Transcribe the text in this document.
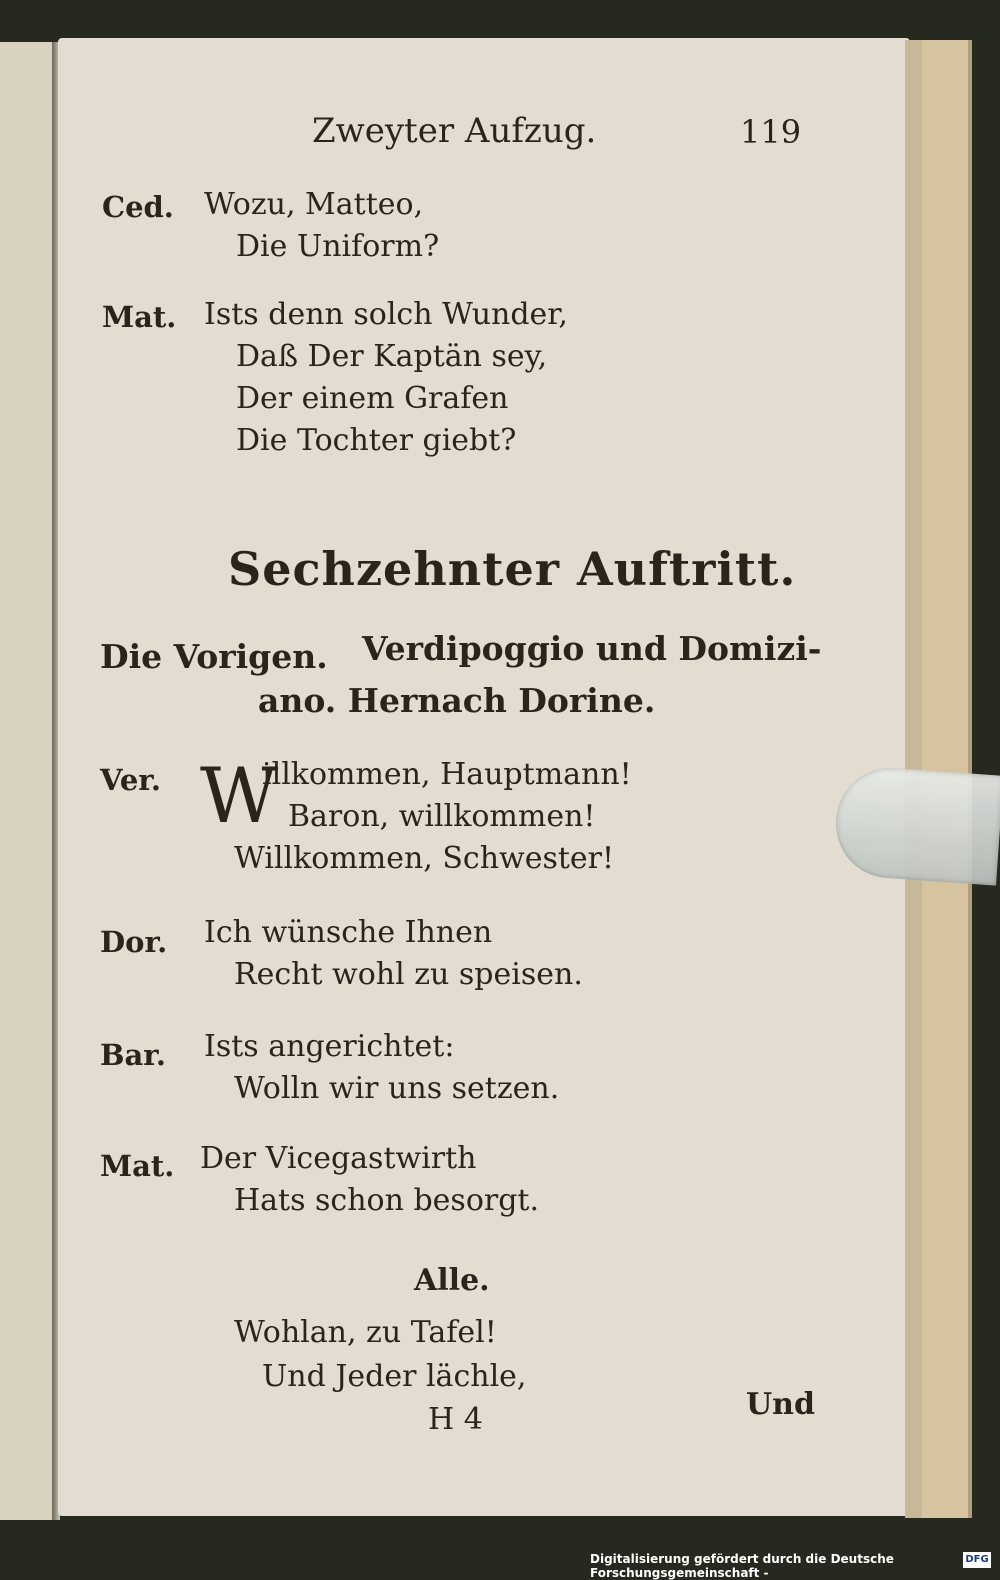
Zweyter Aufzug.	119
Ced. Wozu, Matteo,
Die Uniform?
Mat. Ists denn solch Wunder,
Daß Der Kaptän sey,
Der einem Grafen
Die Tochter giebt?
Sechzehnter Auftritt.
Die Vorigen. Verdipoggio und Domizi-
ano. Hernach Dorine.
Ver. W
illkommen, Hauptmann!
Baron, willkommen!
Willkommen, Schwester!
Dor. Ich wünsche Ihnen
Recht wohl zu speisen.
Bar. Ists angerichtet:
Wolln wir uns setzen.
Mat. Der Vicegastwirth
Hats schon besorgt.
Alle.
Wohlan, zu Tafel!
Und Jeder lächle,
H 4	Und
Digitalisierung gefördert durch die Deutsche Forschungsgemeinschaft -
DFG
